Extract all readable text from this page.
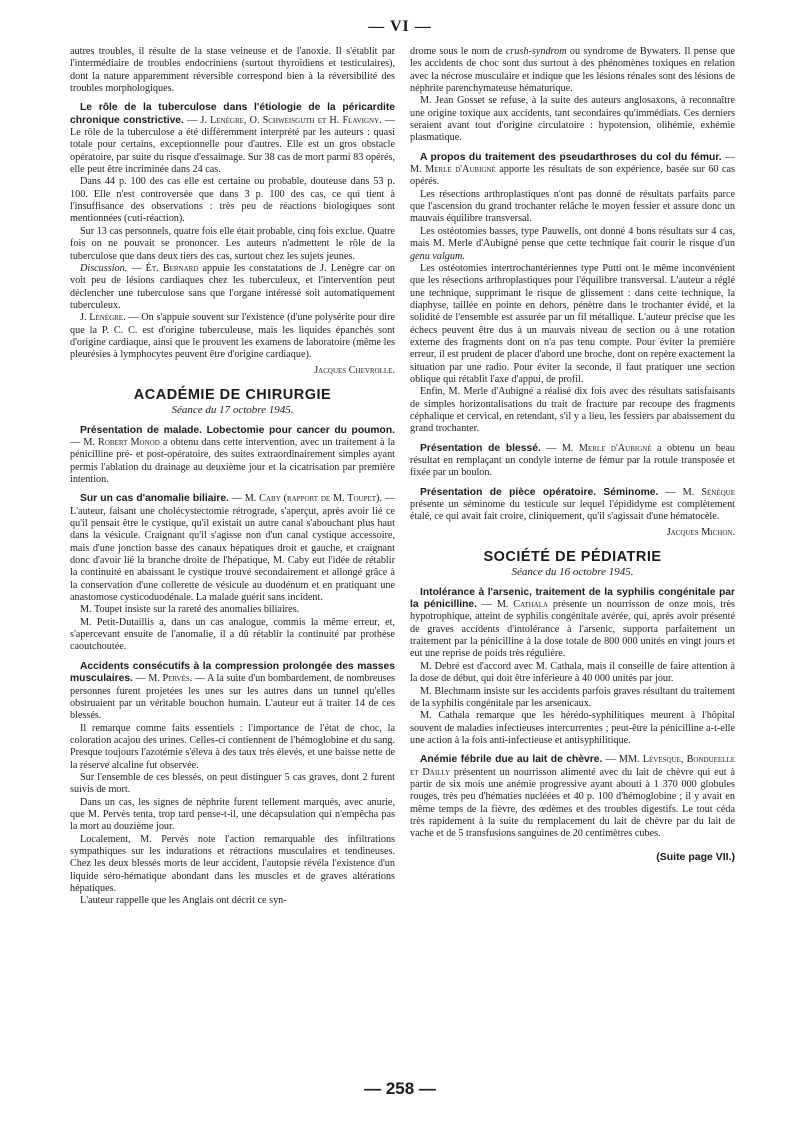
— VI —

autres troubles, il résulte de la stase veineuse et de l'anoxie. Il s'établit par l'intermédiaire de troubles endocriniens (surtout thyroïdiens et testiculaires), dont la nature apparemment réversible correspond bien à la réversibilité des troubles morphologiques.

Le rôle de la tuberculose dans l'étiologie de la péricardite chronique constrictive. — J. Lenègre, O. Schweisguth et H. Flavigny. — Le rôle de la tuberculose a été différemment interprété par les auteurs : quasi totale pour certains, exceptionnelle pour d'autres. Elle est un gros obstacle opératoire, par suite du risque d'essaimage. Sur 38 cas de mort parmi 83 opérés, elle peut être incriminée dans 24 cas.

Dans 44 p. 100 des cas elle est certaine ou probable, douteuse dans 53 p. 100. Elle n'est controversée que dans 3 p. 100 des cas, ce qui tient à l'insuffisance des observations : très peu de réactions biologiques sont mentionnées (cuti-réaction).

Sur 13 cas personnels, quatre fois elle était probable, cinq fois exclue. Quatre fois on ne pouvait se prononcer. Les auteurs n'admettent le rôle de la tuberculose que dans deux tiers des cas, surtout chez les sujets jeunes.

Discussion. — Ét. Bernard appuie les constatations de J. Lenègre car on voit peu de lésions cardiaques chez les tuberculeux, et l'intervention peut déclencher une tuberculose sans que l'organe intéressé soit automatiquement tuberculeux.

J. Lenègre. — On s'appuie souvent sur l'existence (d'une polysérite pour dire que la P. C. C. est d'origine tuberculeuse, mais les liquides épanchés sont d'origine cardiaque, ainsi que le prouvent les examens de laboratoire (même les pleurésies à lymphocytes peuvent être d'origine cardiaque).

Jacques Chevrolle.

ACADÉMIE DE CHIRURGIE
Séance du 17 octobre 1945.

Présentation de malade. Lobectomie pour cancer du poumon. — M. Robert Monod a obtenu dans cette intervention, avec un traitement à la pénicilline pré- et post-opératoire, des suites extraordinairement simples ayant permis l'ablation du drainage au deuxième jour et la cicatrisation par première intention.

Sur un cas d'anomalie biliaire. — M. Caby (rapport de M. Toupet). — L'auteur, faisant une cholécystectomie rétrograde, s'aperçut, après avoir lié ce qu'il pensait être le cystique, qu'il existait un autre canal s'abouchant plus haut dans la vésicule. Craignant qu'il s'agisse non d'un canal cystique accessoire, mais d'une jonction basse des canaux hépatiques droit et gauche, et craignant donc d'avoir lié la branche droite de l'hépatique, M. Caby eut l'idée de rétablir la continuité en abaissant le cystique trouvé secondairement et allongé grâce à la conservation d'une collerette de vésicule au duodénum et en pratiquant une anastomose cysticoduodénale. La malade guérit sans incident.

M. Toupet insiste sur la rareté des anomalies biliaires.

M. Petit-Dutaillis a, dans un cas analogue, commis la même erreur, et, s'apercevant ensuite de l'anomalie, il a dû rétablir la continuité par prothèse caoutchoutée.

Accidents consécutifs à la compression prolongée des masses musculaires. — M. Pervès. — A la suite d'un bombardement, de nombreuses personnes furent projetées les unes sur les autres dans un tunnel qu'elles obstruaient par un véritable bouchon humain. L'auteur eut à traiter 14 de ces blessés.

Il remarque comme faits essentiels : l'importance de l'état de choc, la coloration acajou des urines. Celles-ci contiennent de l'hémoglobine et du sang. Presque toujours l'azotémie s'éleva à des taux très élevés, et une baisse nette de la réserve alcaline fut observée.

Sur l'ensemble de ces blessés, on peut distinguer 5 cas graves, dont 2 furent suivis de mort.

Dans un cas, les signes de néphrite furent tellement marqués, avec anurie, que M. Pervès tenta, trop tard pense-t-il, une décapsulation qui n'empêcha pas la mort au douzième jour.

Localement, M. Pervès note l'action remarquable des infiltrations sympathiques sur les indurations et rétractions musculaires et tendineuses. Chez les deux blessés morts de leur accident, l'autopsie révéla l'existence d'un liquide séro-hématique abondant dans les muscles et de graves altérations hépatiques.

L'auteur rappelle que les Anglais ont décrit ce syn-

drome sous le nom de crush-syndrom ou syndrome de Bywaters. Il pense que les accidents de choc sont dus surtout à des phénomènes toxiques en relation avec la nécrose musculaire et indique que les lésions rénales sont des lésions de néphrite parenchymateuse hématurique.

M. Jean Gosset se refuse, à la suite des auteurs anglosaxons, à reconnaître une origine toxique aux accidents, tant secondaires qu'immédiats. Ces derniers seraient avant tout d'origine circulatoire : hypotension, olihémie, exhémie plasmatique.

A propos du traitement des pseudarthroses du col du fémur. — M. Merle d'Aubigné apporte les résultats de son expérience, basée sur 60 cas opérés.

Les résections arthroplastiques n'ont pas donné de résultats parfaits parce que l'ascension du grand trochanter relâche le moyen fessier et assure donc un mauvais équilibre transversal.

Les ostéotomies basses, type Pauwells, ont donné 4 bons résultats sur 4 cas, mais M. Merle d'Aubigné pense que cette technique fait courir le risque d'un genu valgum.

Les ostéotomies intertrochantériennes type Putti ont le même inconvénient que les résections arthroplastiques pour l'équilibre transversal. L'auteur a réglé une technique, supprimant le risque de glissement : dans cette technique, la diaphyse, taillée en pointe en dehors, pénètre dans le trochanter évidé, et la solidité de l'ensemble est assurée par un fil métallique. L'auteur précise que les échecs peuvent être dus à un mauvais niveau de section ou à une rotation externe des fragments dont on n'a pas tenu compte. Pour éviter la première erreur, il est prudent de placer d'abord une broche, dont on repère exactement la situation par une radio. Pour éviter la seconde, il faut pratiquer une section oblique qui rétablit l'axe d'appui, de profil.

Enfin, M. Merle d'Aubigné a réalisé dix fois avec des résultats satisfaisants de simples horizontalisations du trait de fracture par recoupe des fragments céphalique et cervical, en retendant, s'il y a lieu, les fessiers par abaissement du grand trochanter.

Présentation de blessé. — M. Merle d'Aubigné a obtenu un beau résultat en remplaçant un condyle interne de fémur par la rotule transposée et fixée par un boulon.

Présentation de pièce opératoire. Séminome. — M. Sénèque présente un séminome du testicule sur lequel l'épididyme est complètement étalé, ce qui avait fait croire, cliniquement, qu'il s'agissait d'une hématocèle.

Jacques Michon.

SOCIÉTÉ DE PÉDIATRIE
Séance du 16 octobre 1945.

Intolérance à l'arsenic, traitement de la syphilis congénitale par la pénicilline. — M. Cathala présente un nourrisson de onze mois, très hypotrophique, atteint de syphilis congénitale avérée, qui, après avoir présenté de graves accidents d'intolérance à l'arsenic, supporta parfaitement un traitement par la pénicilline à la dose totale de 800 000 unités en vingt jours et eut une reprise de poids très régulière.

M. Debré est d'accord avec M. Cathala, mais il conseille de faire attention à la dose de début, qui doit être inférieure à 40 000 unités par jour.

M. Blechmann insiste sur les accidents parfois graves résultant du traitement de la syphilis congénitale par les arsenicaux.

M. Cathala remarque que les hérédo-syphilitiques meurent à l'hôpital souvent de maladies infectieuses intercurrentes ; peut-être la pénicilline a-t-elle une action à la fois anti-infectieuse et antisyphilitique.

Anémie fébrile due au lait de chèvre. — MM. Lévesque, Bondueelle et Dailly présentent un nourrisson alimenté avec du lait de chèvre qui eut à partir de six mois une anémie progressive ayant abouti à 1 370 000 globules rouges, très peu d'hématies nucléées et 40 p. 100 d'hémoglobine ; il y avait en même temps de la fièvre, des œdèmes et des troubles digestifs. Le tout céda très rapidement à la suite du remplacement du lait de chèvre par du lait de vache et de 5 transfusions sanguines de 20 centimètres cubes.

(Suite page VII.)
— 258 —
